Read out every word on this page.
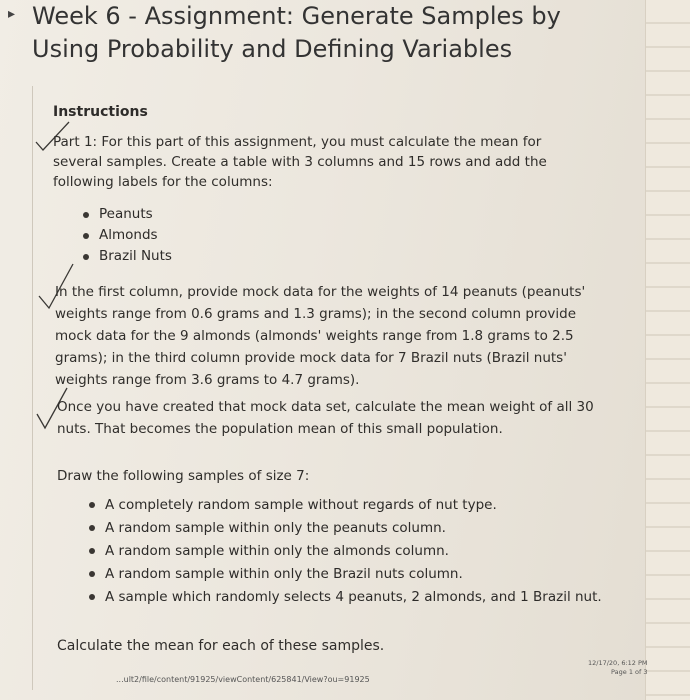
▸ Week 6 - Assignment: Generate Samples by
Using Probability and Defining Variables
Instructions

Part 1: For this part of this assignment, you must calculate the mean for several samples. Create a table with 3 columns and 15 rows and add the following labels for the columns:

Peanuts
Almonds
Brazil Nuts

In the first column, provide mock data for the weights of 14 peanuts (peanuts' weights range from 0.6 grams and 1.3 grams); in the second column provide mock data for the 9 almonds (almonds' weights range from 1.8 grams to 2.5 grams); in the third column provide mock data for 7 Brazil nuts (Brazil nuts' weights range from 3.6 grams to 4.7 grams).

Once you have created that mock data set, calculate the mean weight of all 30 nuts. That becomes the population mean of this small population.

Draw the following samples of size 7:

A completely random sample without regards of nut type.
A random sample within only the peanuts column.
A random sample within only the almonds column.
A random sample within only the Brazil nuts column.
A sample which randomly selects 4 peanuts, 2 almonds, and 1 Brazil nut.

Calculate the mean for each of these samples.

...ult2/file/content/91925/viewContent/625841/View?ou=91925
12/17/20, 6:12 PM
Page 1 of 3
